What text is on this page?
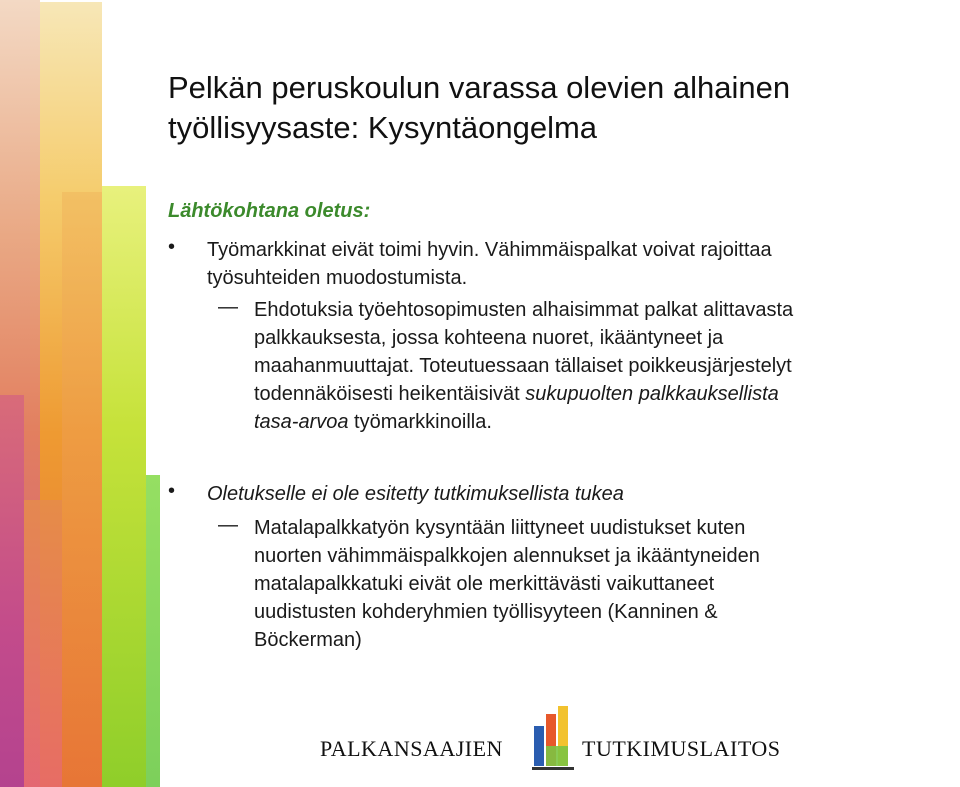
Pelkän peruskoulun varassa olevien alhainen
työllisyysaste: Kysyntäongelma
Lähtökohtana oletus:
• Työmarkkinat eivät toimi hyvin. Vähimmäispalkat voivat rajoittaa
työsuhteiden muodostumista.
— Ehdotuksia työehtosopimusten alhaisimmat palkat alittavasta
palkkauksesta, jossa kohteena nuoret, ikääntyneet ja
maahanmuuttajat. Toteutuessaan tällaiset poikkeusjärjestelyt
todennäköisesti heikentäisivät sukupuolten palkkauksellista
tasa-arvoa työmarkkinoilla.
• Oletukselle ei ole esitetty tutkimuksellista tukea
— Matalapalkkatyön kysyntään liittyneet uudistukset kuten
nuorten vähimmäispalkkojen alennukset ja ikääntyneiden
matalapalkkatuki eivät ole merkittävästi vaikuttaneet
uudistusten kohderyhmien työllisyyteen (Kanninen &
Böckerman)
PALKANSAAJIEN	TUTKIMUSLAITOS
